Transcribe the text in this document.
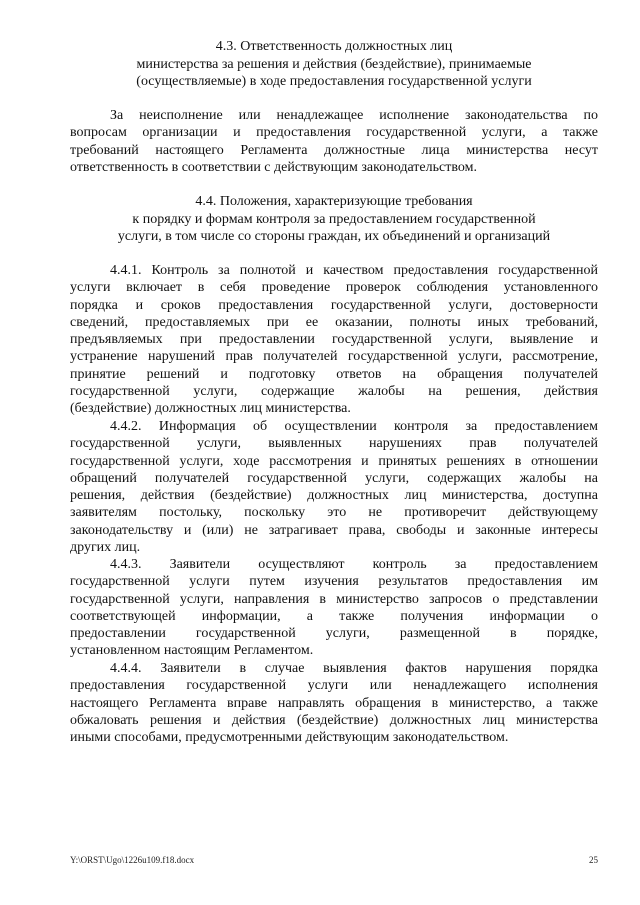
4.3. Ответственность должностных лиц
министерства за решения и действия (бездействие), принимаемые
(осуществляемые) в ходе предоставления государственной услуги
За неисполнение или ненадлежащее исполнение законодательства по
вопросам организации и предоставления государственной услуги, а также
требований настоящего Регламента должностные лица министерства несут
ответственность в соответствии с действующим законодательством.
4.4. Положения, характеризующие требования
к порядку и формам контроля за предоставлением государственной
услуги, в том числе со стороны граждан, их объединений и организаций
4.4.1. Контроль за полнотой и качеством предоставления государственной
услуги включает в себя проведение проверок соблюдения установленного
порядка и сроков предоставления государственной услуги, достоверности
сведений, предоставляемых при ее оказании, полноты иных требований,
предъявляемых при предоставлении государственной услуги, выявление и
устранение нарушений прав получателей государственной услуги, рассмотрение,
принятие решений и подготовку ответов на обращения получателей
государственной услуги, содержащие жалобы на решения, действия
(бездействие) должностных лиц министерства.
4.4.2. Информация об осуществлении контроля за предоставлением
государственной услуги, выявленных нарушениях прав получателей
государственной услуги, ходе рассмотрения и принятых решениях в отношении
обращений получателей государственной услуги, содержащих жалобы на
решения, действия (бездействие) должностных лиц министерства, доступна
заявителям постольку, поскольку это не противоречит действующему
законодательству и (или) не затрагивает права, свободы и законные интересы
других лиц.
4.4.3. Заявители осуществляют контроль за предоставлением
государственной услуги путем изучения результатов предоставления им
государственной услуги, направления в министерство запросов о представлении
соответствующей информации, а также получения информации о
предоставлении государственной услуги, размещенной в порядке,
установленном настоящим Регламентом.
4.4.4. Заявители в случае выявления фактов нарушения порядка
предоставления государственной услуги или ненадлежащего исполнения
настоящего Регламента вправе направлять обращения в министерство, а также
обжаловать решения и действия (бездействие) должностных лиц министерства
иными способами, предусмотренными действующим законодательством.
Y:\ORST\Ugo\1226u109.f18.docx	25
